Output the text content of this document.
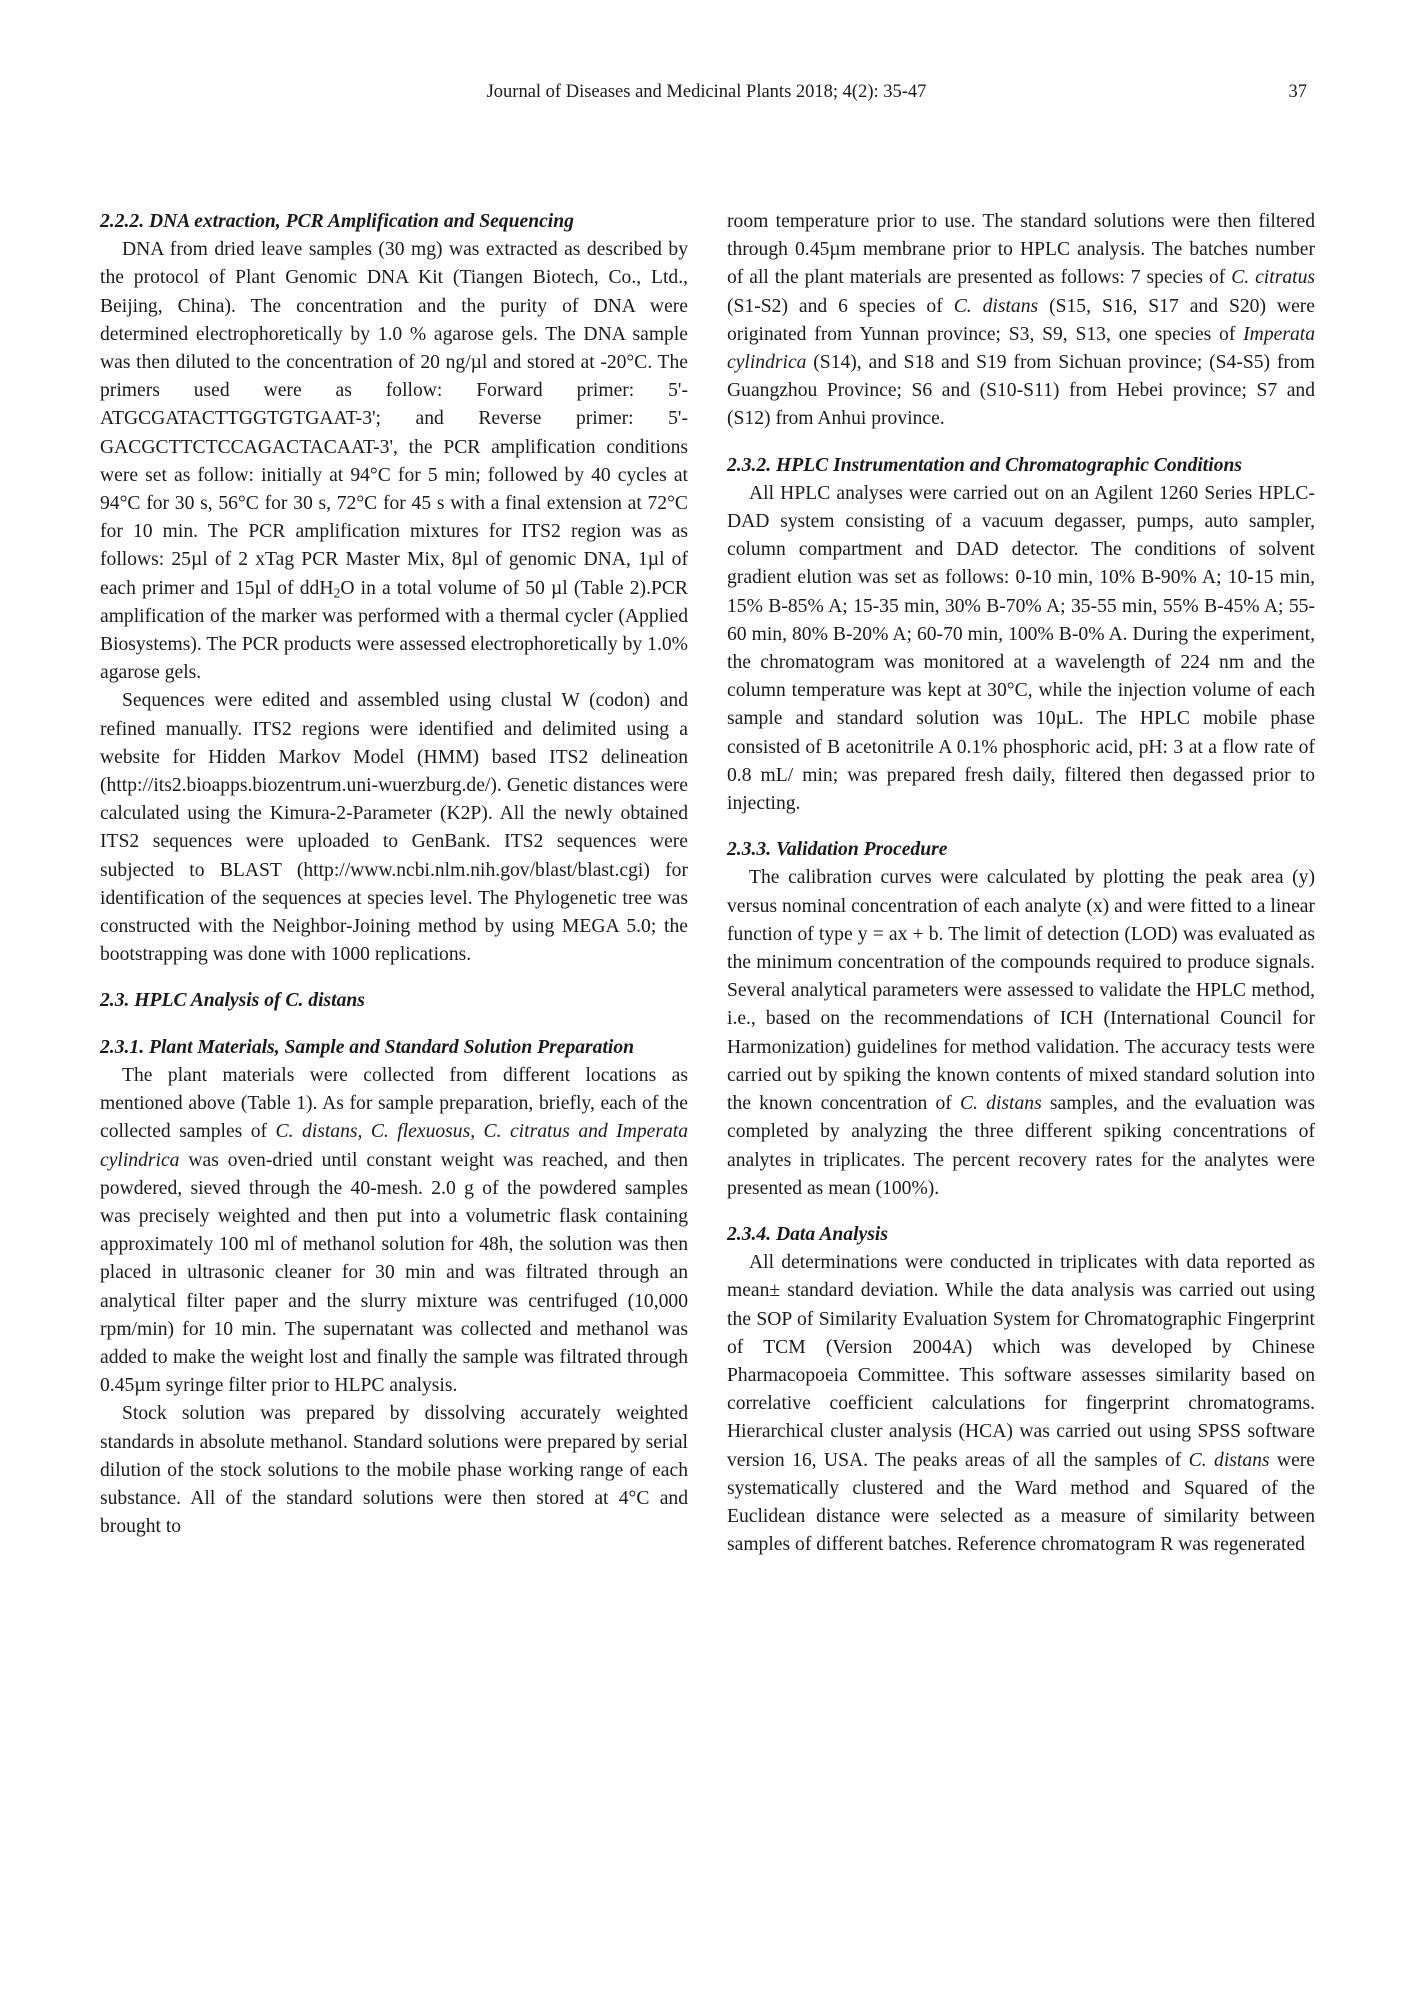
Journal of Diseases and Medicinal Plants 2018; 4(2): 35-47	37
2.2.2. DNA extraction, PCR Amplification and Sequencing

DNA from dried leave samples (30 mg) was extracted as described by the protocol of Plant Genomic DNA Kit (Tiangen Biotech, Co., Ltd., Beijing, China). The concentration and the purity of DNA were determined electrophoretically by 1.0 % agarose gels. The DNA sample was then diluted to the concentration of 20 ng/µl and stored at -20°C. The primers used were as follow: Forward primer: 5'-ATGCGATACTTGGTGTGAAT-3'; and Reverse primer: 5'-GACGCTTCTCCAGACTACAAT-3', the PCR amplification conditions were set as follow: initially at 94°C for 5 min; followed by 40 cycles at 94°C for 30 s, 56°C for 30 s, 72°C for 45 s with a final extension at 72°C for 10 min. The PCR amplification mixtures for ITS2 region was as follows: 25µl of 2 xTag PCR Master Mix, 8µl of genomic DNA, 1µl of each primer and 15µl of ddH$_2$O in a total volume of 50 µl (Table 2).PCR amplification of the marker was performed with a thermal cycler (Applied Biosystems). The PCR products were assessed electrophoretically by 1.0% agarose gels.

Sequences were edited and assembled using clustal W (codon) and refined manually. ITS2 regions were identified and delimited using a website for Hidden Markov Model (HMM) based ITS2 delineation (http://its2.bioapps.biozentrum.uni-wuerzburg.de/). Genetic distances were calculated using the Kimura-2-Parameter (K2P). All the newly obtained ITS2 sequences were uploaded to GenBank. ITS2 sequences were subjected to BLAST (http://www.ncbi.nlm.nih.gov/blast/blast.cgi) for identification of the sequences at species level. The Phylogenetic tree was constructed with the Neighbor-Joining method by using MEGA 5.0; the bootstrapping was done with 1000 replications.

2.3. HPLC Analysis of C. distans
2.3.1. Plant Materials, Sample and Standard Solution Preparation

The plant materials were collected from different locations as mentioned above (Table 1). As for sample preparation, briefly, each of the collected samples of C. distans, C. flexuosus, C. citratus and Imperata cylindrica was oven-dried until constant weight was reached, and then powdered, sieved through the 40-mesh. 2.0 g of the powdered samples was precisely weighted and then put into a volumetric flask containing approximately 100 ml of methanol solution for 48h, the solution was then placed in ultrasonic cleaner for 30 min and was filtrated through an analytical filter paper and the slurry mixture was centrifuged (10,000 rpm/min) for 10 min. The supernatant was collected and methanol was added to make the weight lost and finally the sample was filtrated through 0.45µm syringe filter prior to HLPC analysis.

Stock solution was prepared by dissolving accurately weighted standards in absolute methanol. Standard solutions were prepared by serial dilution of the stock solutions to the mobile phase working range of each substance. All of the standard solutions were then stored at 4°C and brought to

room temperature prior to use. The standard solutions were then filtered through 0.45µm membrane prior to HPLC analysis. The batches number of all the plant materials are presented as follows: 7 species of C. citratus (S1-S2) and 6 species of C. distans (S15, S16, S17 and S20) were originated from Yunnan province; S3, S9, S13, one species of Imperata cylindrica (S14), and S18 and S19 from Sichuan province; (S4-S5) from Guangzhou Province; S6 and (S10-S11) from Hebei province; S7 and (S12) from Anhui province.

2.3.2. HPLC Instrumentation and Chromatographic Conditions

All HPLC analyses were carried out on an Agilent 1260 Series HPLC-DAD system consisting of a vacuum degasser, pumps, auto sampler, column compartment and DAD detector. The conditions of solvent gradient elution was set as follows: 0-10 min, 10% B-90% A; 10-15 min, 15% B-85% A; 15-35 min, 30% B-70% A; 35-55 min, 55% B-45% A; 55-60 min, 80% B-20% A; 60-70 min, 100% B-0% A. During the experiment, the chromatogram was monitored at a wavelength of 224 nm and the column temperature was kept at 30°C, while the injection volume of each sample and standard solution was 10µL. The HPLC mobile phase consisted of B acetonitrile A 0.1% phosphoric acid, pH: 3 at a flow rate of 0.8 mL/ min; was prepared fresh daily, filtered then degassed prior to injecting.

2.3.3. Validation Procedure

The calibration curves were calculated by plotting the peak area (y) versus nominal concentration of each analyte (x) and were fitted to a linear function of type y = ax + b. The limit of detection (LOD) was evaluated as the minimum concentration of the compounds required to produce signals. Several analytical parameters were assessed to validate the HPLC method, i.e., based on the recommendations of ICH (International Council for Harmonization) guidelines for method validation. The accuracy tests were carried out by spiking the known contents of mixed standard solution into the known concentration of C. distans samples, and the evaluation was completed by analyzing the three different spiking concentrations of analytes in triplicates. The percent recovery rates for the analytes were presented as mean (100%).

2.3.4. Data Analysis

All determinations were conducted in triplicates with data reported as mean± standard deviation. While the data analysis was carried out using the SOP of Similarity Evaluation System for Chromatographic Fingerprint of TCM (Version 2004A) which was developed by Chinese Pharmacopoeia Committee. This software assesses similarity based on correlative coefficient calculations for fingerprint chromatograms. Hierarchical cluster analysis (HCA) was carried out using SPSS software version 16, USA. The peaks areas of all the samples of C. distans were systematically clustered and the Ward method and Squared of the Euclidean distance were selected as a measure of similarity between samples of different batches. Reference chromatogram R was regenerated
